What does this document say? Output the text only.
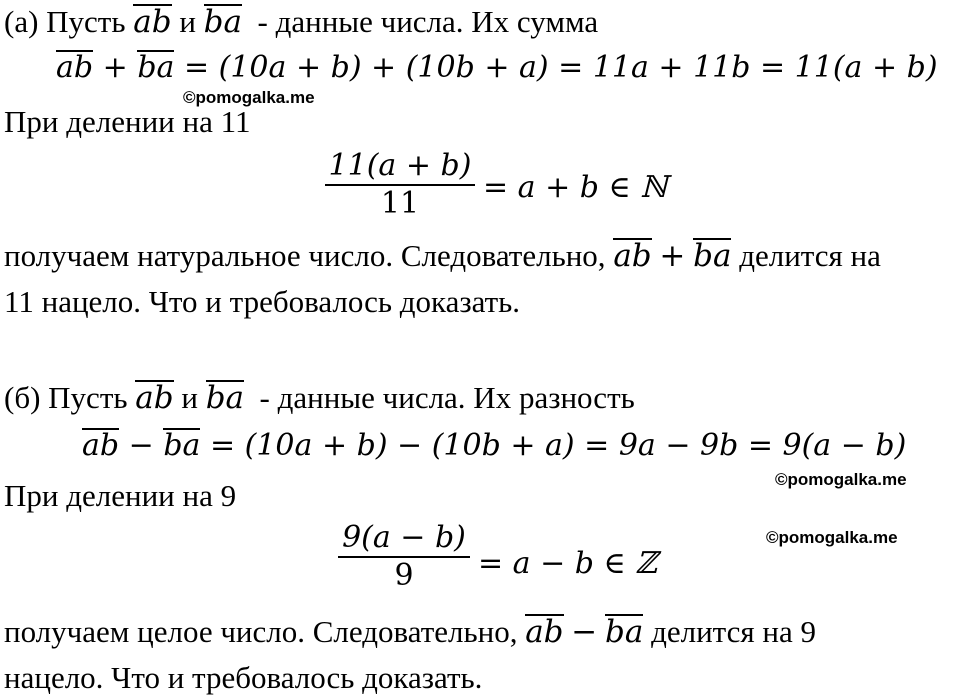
(а) Пусть ab и ba - данные числа. Их сумма
ab + ba = (10a + b) + (10b + a) = 11a + 11b = 11(a + b)
©pomogalka.me
При делении на 11
11(a + b)
11	= a + b ∈ ℕ
получаем натуральное число. Следовательно, ab + ba делится на
11 нацело. Что и требовалось доказать.
(б) Пусть ab и ba - данные числа. Их разность
ab − ba = (10a + b) − (10b + a) = 9a − 9b = 9(a − b)
©pomogalka.me
При делении на 9
©pomogalka.me
9(a − b)
9	= a − b ∈ ℤ
получаем целое число. Следовательно, ab − ba делится на 9
нацело. Что и требовалось доказать.
